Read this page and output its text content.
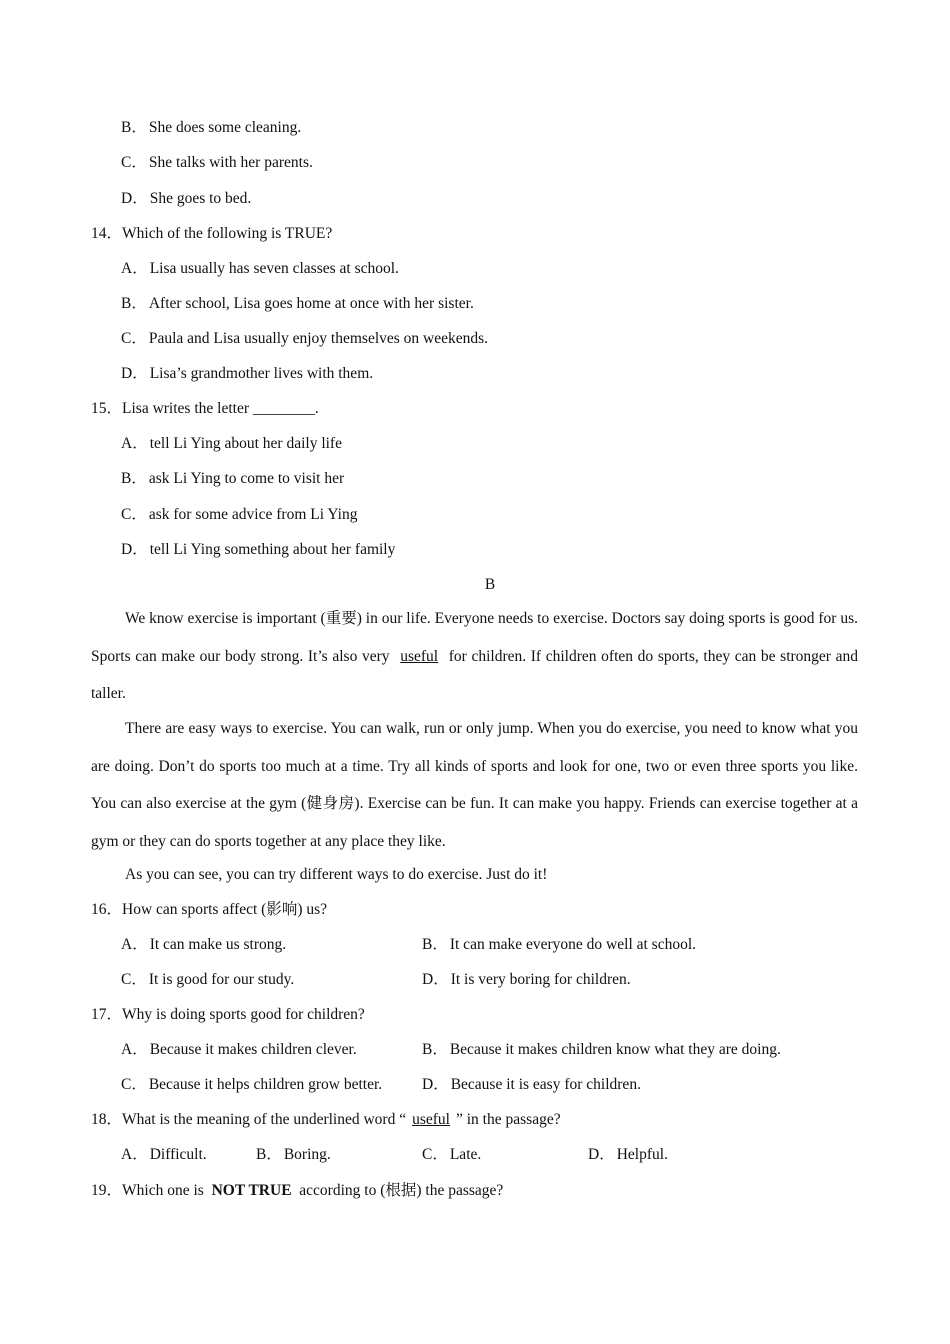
B． She does some cleaning.
C． She talks with her parents.
D． She goes to bed.
14．Which of the following is TRUE?
A． Lisa usually has seven classes at school.
B． After school, Lisa goes home at once with her sister.
C． Paula and Lisa usually enjoy themselves on weekends.
D． Lisa’s grandmother lives with them.
15．Lisa writes the letter ________.
A． tell Li Ying about her daily life
B． ask Li Ying to come to visit her
C． ask for some advice from Li Ying
D． tell Li Ying something about her family
B
We know exercise is important (重要) in our life. Everyone needs to exercise. Doctors say doing sports is good for us. Sports can make our body strong. It’s also very useful for children. If children often do sports, they can be stronger and taller.
There are easy ways to exercise. You can walk, run or only jump. When you do exercise, you need to know what you are doing. Don’t do sports too much at a time. Try all kinds of sports and look for one, two or even three sports you like. You can also exercise at the gym (健身房). Exercise can be fun. It can make you happy. Friends can exercise together at a gym or they can do sports together at any place they like.
As you can see, you can try different ways to do exercise. Just do it!
16．How can sports affect (影响) us?
A． It can make us strong.	B． It can make everyone do well at school.
C． It is good for our study.	D． It is very boring for children.
17．Why is doing sports good for children?
A． Because it makes children clever.	B． Because it makes children know what they are doing.
C． Because it helps children grow better.	D． Because it is easy for children.
18．What is the meaning of the underlined word “ useful ” in the passage?
A． Difficult.	B． Boring.	C． Late.	D． Helpful.
19．Which one is NOT TRUE according to (根据) the passage?
